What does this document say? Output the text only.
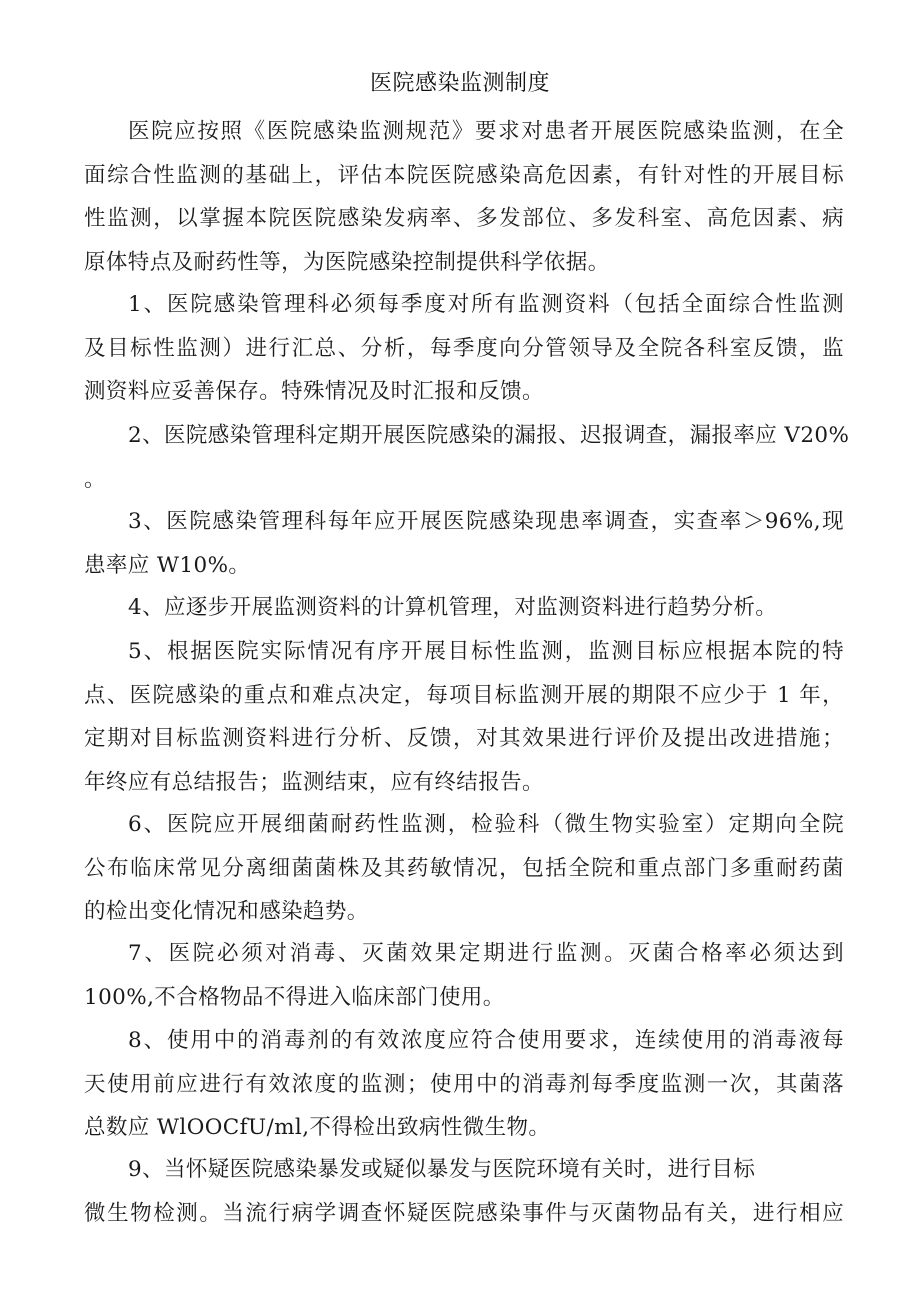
医院感染监测制度
医院应按照《医院感染监测规范》要求对患者开展医院感染监测，在全
面综合性监测的基础上，评估本院医院感染高危因素，有针对性的开展目标
性监测，以掌握本院医院感染发病率、多发部位、多发科室、高危因素、病
原体特点及耐药性等，为医院感染控制提供科学依据。
1、医院感染管理科必须每季度对所有监测资料（包括全面综合性监测
及目标性监测）进行汇总、分析，每季度向分管领导及全院各科室反馈，监
测资料应妥善保存。特殊情况及时汇报和反馈。
2、医院感染管理科定期开展医院感染的漏报、迟报调查，漏报率应 V20%
。
3、医院感染管理科每年应开展医院感染现患率调查，实查率＞96%,现
患率应 W10%。
4、应逐步开展监测资料的计算机管理，对监测资料进行趋势分析。
5、根据医院实际情况有序开展目标性监测，监测目标应根据本院的特
点、医院感染的重点和难点决定，每项目标监测开展的期限不应少于 1 年，
定期对目标监测资料进行分析、反馈，对其效果进行评价及提出改进措施；
年终应有总结报告；监测结束，应有终结报告。
6、医院应开展细菌耐药性监测，检验科（微生物实验室）定期向全院
公布临床常见分离细菌菌株及其药敏情况，包括全院和重点部门多重耐药菌
的检出变化情况和感染趋势。
7、医院必须对消毒、灭菌效果定期进行监测。灭菌合格率必须达到
100%,不合格物品不得进入临床部门使用。
8、使用中的消毒剂的有效浓度应符合使用要求，连续使用的消毒液每
天使用前应进行有效浓度的监测；使用中的消毒剂每季度监测一次，其菌落
总数应 WlOOCfU/ml,不得检出致病性微生物。
9、当怀疑医院感染暴发或疑似暴发与医院环境有关时，进行目标
微生物检测。当流行病学调查怀疑医院感染事件与灭菌物品有关，进行相应
